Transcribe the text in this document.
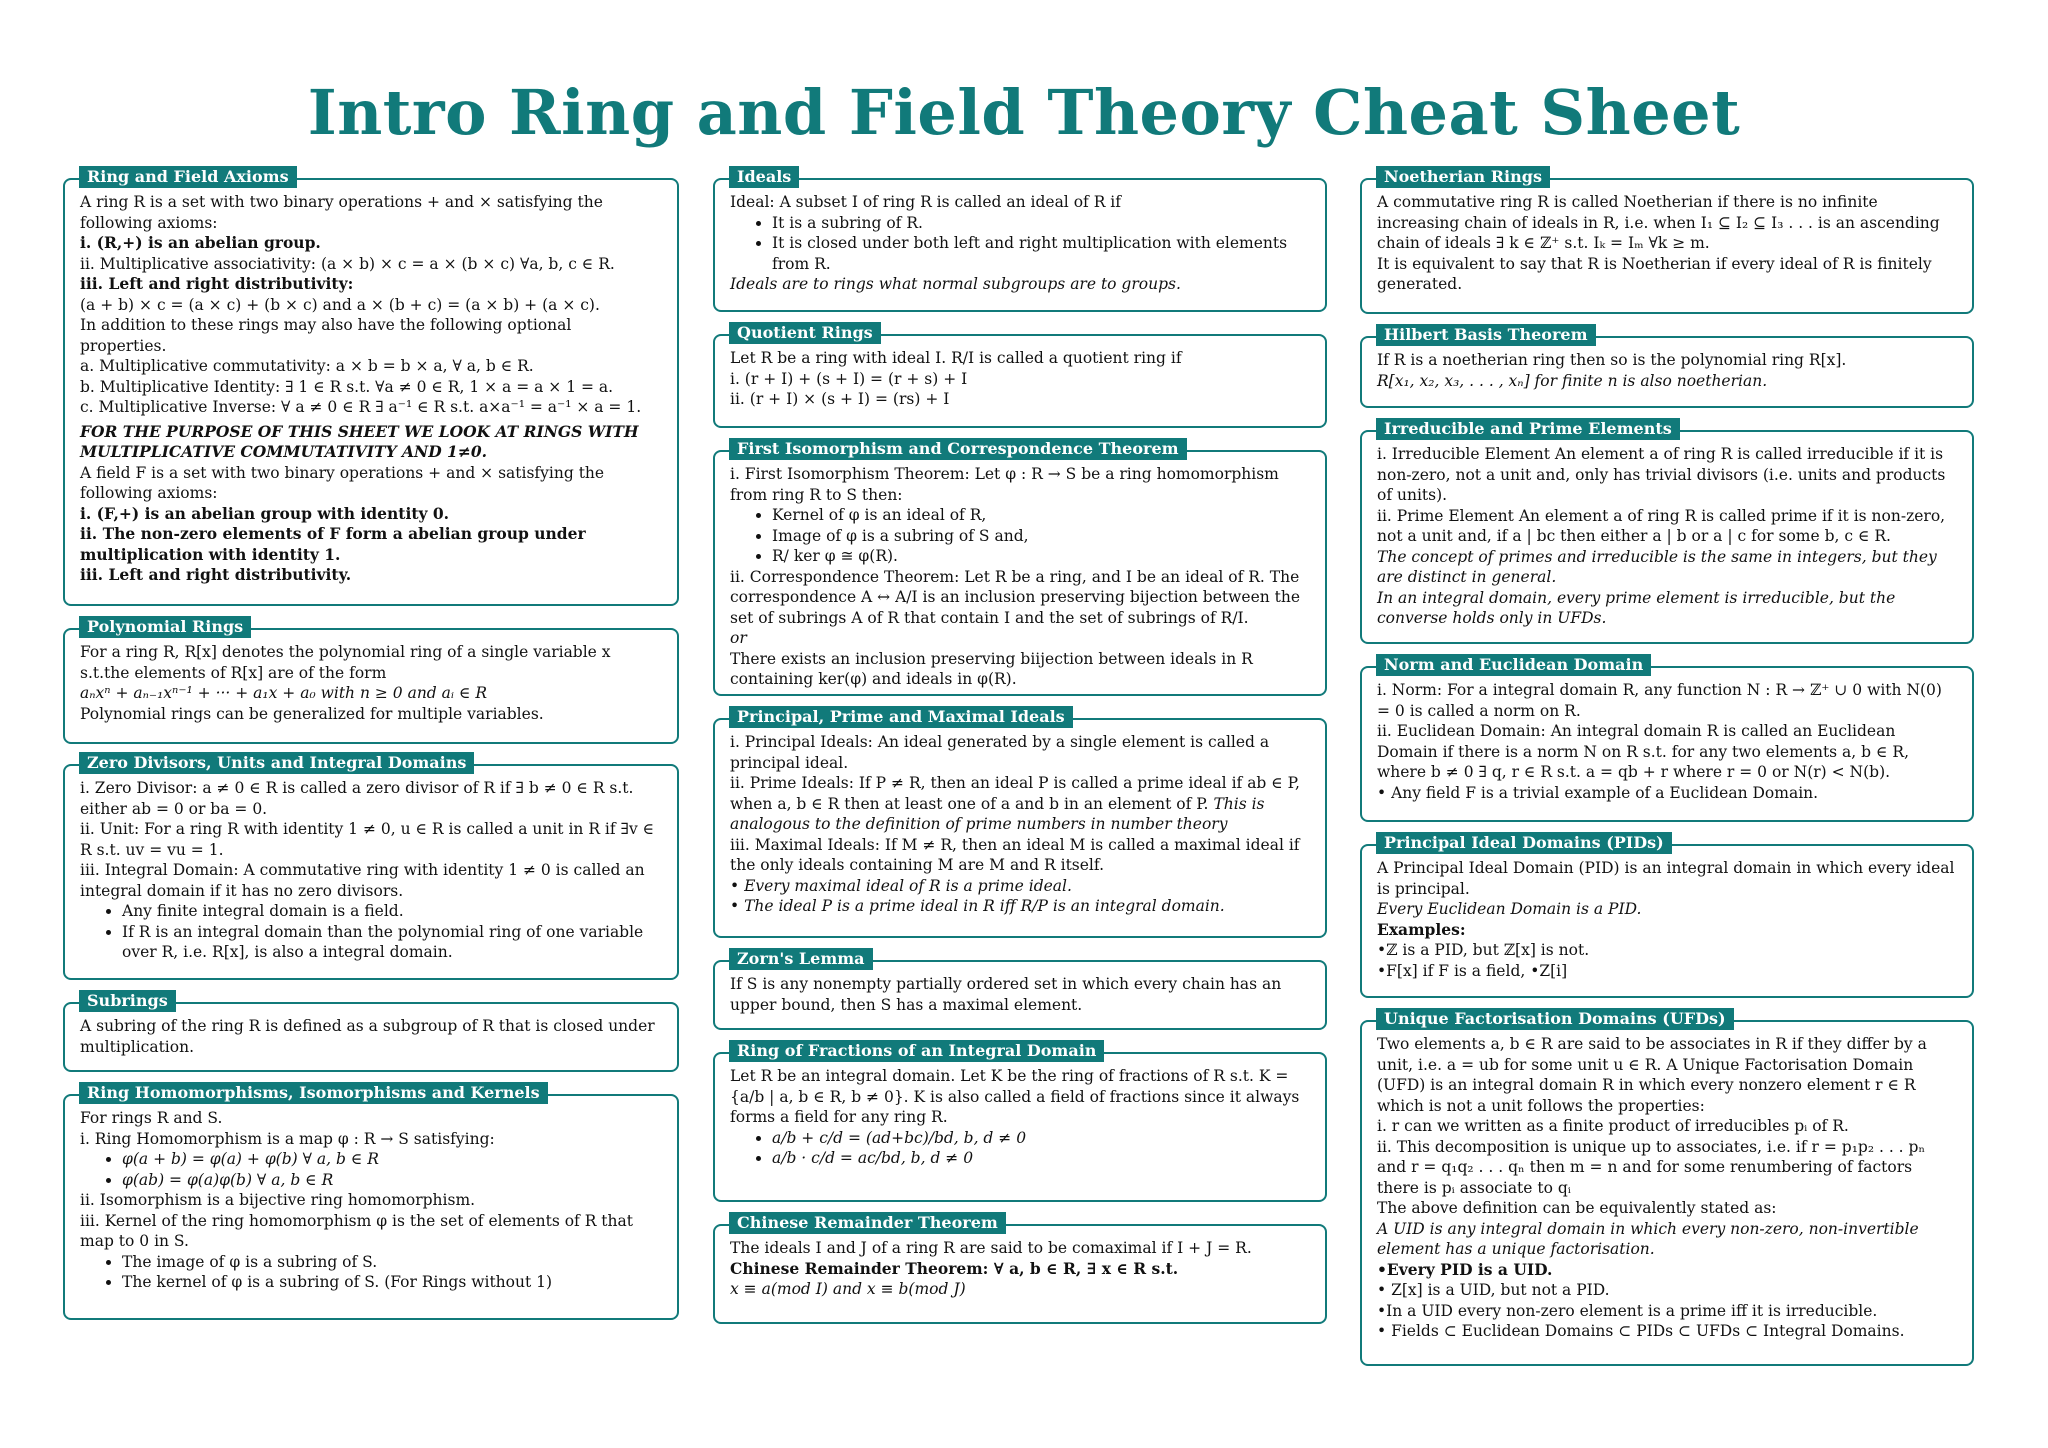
Intro Ring and Field Theory Cheat Sheet
Ring and Field Axioms

A ring R is a set with two binary operations + and × satisfying the following axioms:

i. (R,+) is an abelian group.

ii. Multiplicative associativity: (a × b) × c = a × (b × c) ∀a, b, c ∈ R.

iii. Left and right distributivity:

(a + b) × c = (a × c) + (b × c) and a × (b + c) = (a × b) + (a × c).

In addition to these rings may also have the following optional properties.

a. Multiplicative commutativity: a × b = b × a, ∀ a, b ∈ R.

b. Multiplicative Identity: ∃ 1 ∈ R s.t. ∀a ≠ 0 ∈ R, 1 × a = a × 1 = a.

c. Multiplicative Inverse: ∀ a ≠ 0 ∈ R ∃ a⁻¹ ∈ R s.t. a×a⁻¹ = a⁻¹ × a = 1.

FOR THE PURPOSE OF THIS SHEET WE LOOK AT RINGS WITH MULTIPLICATIVE COMMUTATIVITY AND 1≠0.

A field F is a set with two binary operations + and × satisfying the following axioms:

i. (F,+) is an abelian group with identity 0.

ii. The non-zero elements of F form a abelian group under multiplication with identity 1.

iii. Left and right distributivity.

Polynomial Rings

For a ring R, R[x] denotes the polynomial ring of a single variable x s.t.the elements of R[x] are of the form

aₙxⁿ + aₙ₋₁xⁿ⁻¹ + ··· + a₁x + a₀ with n ≥ 0 and aᵢ ∈ R

Polynomial rings can be generalized for multiple variables.

Zero Divisors, Units and Integral Domains

i. Zero Divisor: a ≠ 0 ∈ R is called a zero divisor of R if ∃ b ≠ 0 ∈ R s.t. either ab = 0 or ba = 0.

ii. Unit: For a ring R with identity 1 ≠ 0, u ∈ R is called a unit in R if ∃v ∈ R s.t. uv = vu = 1.

iii. Integral Domain: A commutative ring with identity 1 ≠ 0 is called an integral domain if it has no zero divisors.

• Any finite integral domain is a field.
• If R is an integral domain than the polynomial ring of one variable over R, i.e. R[x], is also a integral domain.
Subrings

A subring of the ring R is defined as a subgroup of R that is closed under multiplication.

Ring Homomorphisms, Isomorphisms and Kernels

For rings R and S.

i. Ring Homomorphism is a map φ : R → S satisfying:

• φ(a + b) = φ(a) + φ(b) ∀ a, b ∈ R
• φ(ab) = φ(a)φ(b) ∀ a, b ∈ R

ii. Isomorphism is a bijective ring homomorphism.

iii. Kernel of the ring homomorphism φ is the set of elements of R that map to 0 in S.

• The image of φ is a subring of S.
• The kernel of φ is a subring of S. (For Rings without 1)
Ideals

Ideal: A subset I of ring R is called an ideal of R if

• It is a subring of R.
• It is closed under both left and right multiplication with elements from R.

Ideals are to rings what normal subgroups are to groups.

Quotient Rings

Let R be a ring with ideal I. R/I is called a quotient ring if

i. (r + I) + (s + I) = (r + s) + I

ii. (r + I) × (s + I) = (rs) + I

First Isomorphism and Correspondence Theorem

i. First Isomorphism Theorem: Let φ : R → S be a ring homomorphism from ring R to S then:

• Kernel of φ is an ideal of R,
• Image of φ is a subring of S and,
• R/ ker φ ≅ φ(R).

ii. Correspondence Theorem: Let R be a ring, and I be an ideal of R. The correspondence A ↔ A/I is an inclusion preserving bijection between the set of subrings A of R that contain I and the set of subrings of R/I.

or

There exists an inclusion preserving biijection between ideals in R containing ker(φ) and ideals in φ(R).

Principal, Prime and Maximal Ideals

i. Principal Ideals: An ideal generated by a single element is called a principal ideal.

ii. Prime Ideals: If P ≠ R, then an ideal P is called a prime ideal if ab ∈ P, when a, b ∈ R then at least one of a and b in an element of P. This is analogous to the definition of prime numbers in number theory

iii. Maximal Ideals: If M ≠ R, then an ideal M is called a maximal ideal if the only ideals containing M are M and R itself.

• Every maximal ideal of R is a prime ideal.

• The ideal P is a prime ideal in R iff R/P is an integral domain.

Zorn's Lemma

If S is any nonempty partially ordered set in which every chain has an upper bound, then S has a maximal element.

Ring of Fractions of an Integral Domain

Let R be an integral domain. Let K be the ring of fractions of R s.t. K = {a/b | a, b ∈ R, b ≠ 0}. K is also called a field of fractions since it always forms a field for any ring R.

• a/b + c/d = (ad+bc)/bd, b, d ≠ 0
• a/b · c/d = ac/bd, b, d ≠ 0
Chinese Remainder Theorem

The ideals I and J of a ring R are said to be comaximal if I + J = R.

Chinese Remainder Theorem: ∀ a, b ∈ R, ∃ x ∈ R s.t.

x ≡ a(mod I) and x ≡ b(mod J)

Noetherian Rings

A commutative ring R is called Noetherian if there is no infinite increasing chain of ideals in R, i.e. when I₁ ⊆ I₂ ⊆ I₃ . . . is an ascending chain of ideals ∃ k ∈ ℤ⁺ s.t. Iₖ = Iₘ ∀k ≥ m.

It is equivalent to say that R is Noetherian if every ideal of R is finitely generated.

Hilbert Basis Theorem

If R is a noetherian ring then so is the polynomial ring R[x].

R[x₁, x₂, x₃, . . . , xₙ] for finite n is also noetherian.

Irreducible and Prime Elements

i. Irreducible Element An element a of ring R is called irreducible if it is non-zero, not a unit and, only has trivial divisors (i.e. units and products of units).

ii. Prime Element An element a of ring R is called prime if it is non-zero, not a unit and, if a | bc then either a | b or a | c for some b, c ∈ R.

The concept of primes and irreducible is the same in integers, but they are distinct in general.

In an integral domain, every prime element is irreducible, but the converse holds only in UFDs.

Norm and Euclidean Domain

i. Norm: For a integral domain R, any function N : R → ℤ⁺ ∪ 0 with N(0) = 0 is called a norm on R.

ii. Euclidean Domain: An integral domain R is called an Euclidean Domain if there is a norm N on R s.t. for any two elements a, b ∈ R, where b ≠ 0 ∃ q, r ∈ R s.t. a = qb + r where r = 0 or N(r) < N(b).

• Any field F is a trivial example of a Euclidean Domain.

Principal Ideal Domains (PIDs)

A Principal Ideal Domain (PID) is an integral domain in which every ideal is principal.

Every Euclidean Domain is a PID.

Examples:

•ℤ is a PID, but ℤ[x] is not.

•F[x] if F is a field, •Z[i]

Unique Factorisation Domains (UFDs)

Two elements a, b ∈ R are said to be associates in R if they differ by a unit, i.e. a = ub for some unit u ∈ R. A Unique Factorisation Domain (UFD) is an integral domain R in which every nonzero element r ∈ R which is not a unit follows the properties:

i. r can we written as a finite product of irreducibles pᵢ of R.

ii. This decomposition is unique up to associates, i.e. if r = p₁p₂ . . . pₙ and r = q₁q₂ . . . qₙ then m = n and for some renumbering of factors there is pᵢ associate to qᵢ

The above definition can be equivalently stated as:

A UID is any integral domain in which every non-zero, non-invertible element has a unique factorisation.

•Every PID is a UID.

• Z[x] is a UID, but not a PID.

•In a UID every non-zero element is a prime iff it is irreducible.

• Fields ⊂ Euclidean Domains ⊂ PIDs ⊂ UFDs ⊂ Integral Domains.
